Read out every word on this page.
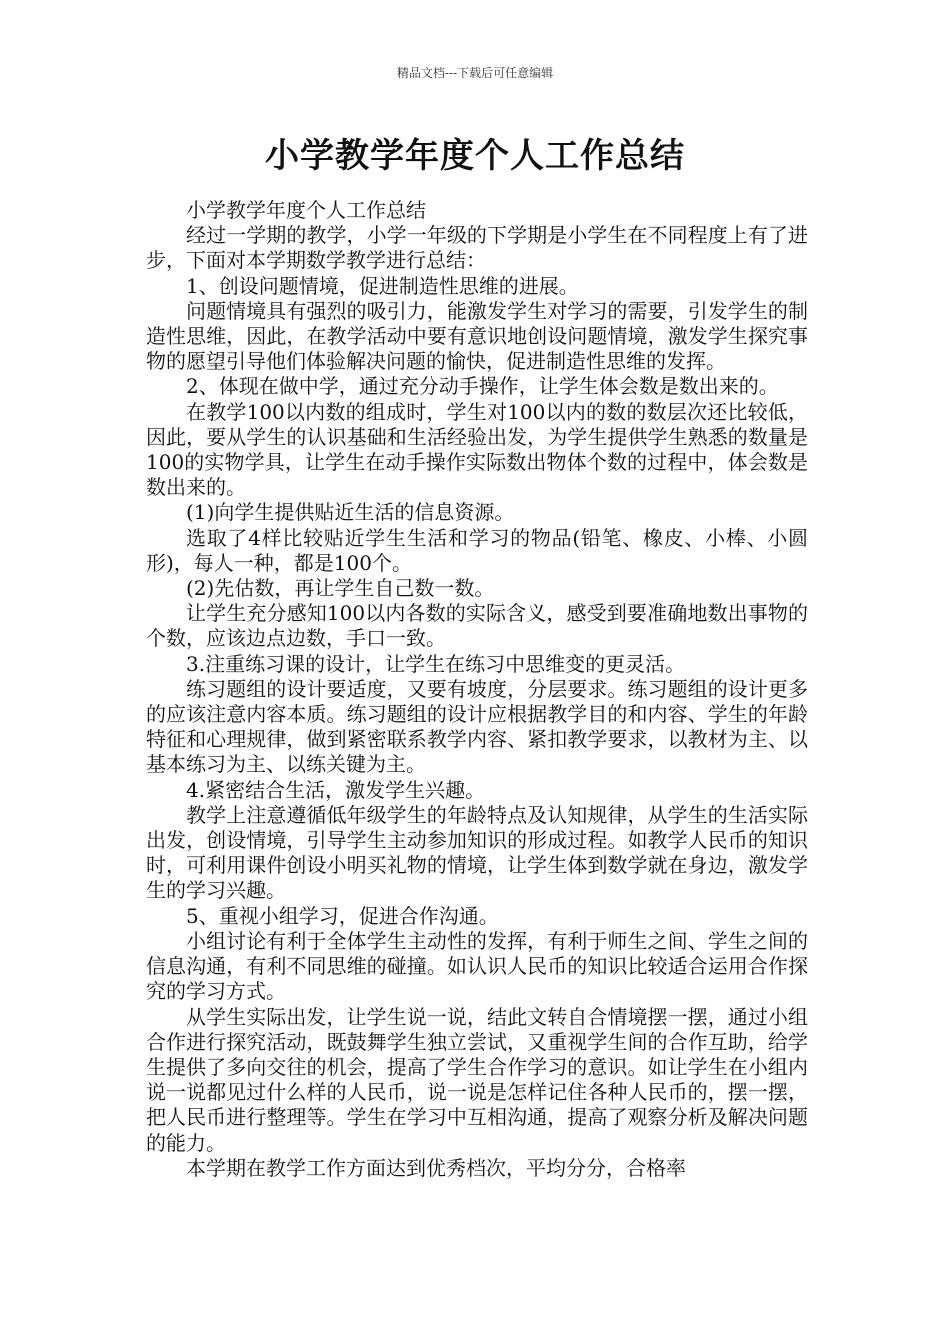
精品文档---下载后可任意编辑
小学教学年度个人工作总结

小学教学年度个人工作总结

经过一学期的教学，小学一年级的下学期是小学生在不同程度上有了进步，下面对本学期数学教学进行总结：

1、创设问题情境，促进制造性思维的进展。

问题情境具有强烈的吸引力，能激发学生对学习的需要，引发学生的制造性思维，因此，在教学活动中要有意识地创设问题情境，激发学生探究事物的愿望引导他们体验解决问题的愉快，促进制造性思维的发挥。

2、体现在做中学，通过充分动手操作，让学生体会数是数出来的。

在教学100以内数的组成时，学生对100以内的数的数层次还比较低，因此，要从学生的认识基础和生活经验出发，为学生提供学生熟悉的数量是100的实物学具，让学生在动手操作实际数出物体个数的过程中，体会数是数出来的。

(1)向学生提供贴近生活的信息资源。

选取了4样比较贴近学生生活和学习的物品(铅笔、橡皮、小棒、小圆形)，每人一种，都是100个。

(2)先估数，再让学生自己数一数。

让学生充分感知100以内各数的实际含义，感受到要准确地数出事物的个数，应该边点边数，手口一致。

3.注重练习课的设计，让学生在练习中思维变的更灵活。

练习题组的设计要适度，又要有坡度，分层要求。练习题组的设计更多的应该注意内容本质。练习题组的设计应根据教学目的和内容、学生的年龄特征和心理规律，做到紧密联系教学内容、紧扣教学要求，以教材为主、以基本练习为主、以练关键为主。

4.紧密结合生活，激发学生兴趣。

教学上注意遵循低年级学生的年龄特点及认知规律，从学生的生活实际出发，创设情境，引导学生主动参加知识的形成过程。如教学人民币的知识时，可利用课件创设小明买礼物的情境，让学生体到数学就在身边，激发学生的学习兴趣。

5、重视小组学习，促进合作沟通。

小组讨论有利于全体学生主动性的发挥，有利于师生之间、学生之间的信息沟通，有利不同思维的碰撞。如认识人民币的知识比较适合运用合作探究的学习方式。

从学生实际出发，让学生说一说，结此文转自合情境摆一摆，通过小组合作进行探究活动，既鼓舞学生独立尝试，又重视学生间的合作互助，给学生提供了多向交往的机会，提高了学生合作学习的意识。如让学生在小组内说一说都见过什么样的人民币，说一说是怎样记住各种人民币的，摆一摆，把人民币进行整理等。学生在学习中互相沟通，提高了观察分析及解决问题的能力。

本学期在教学工作方面达到优秀档次，平均分分，合格率
